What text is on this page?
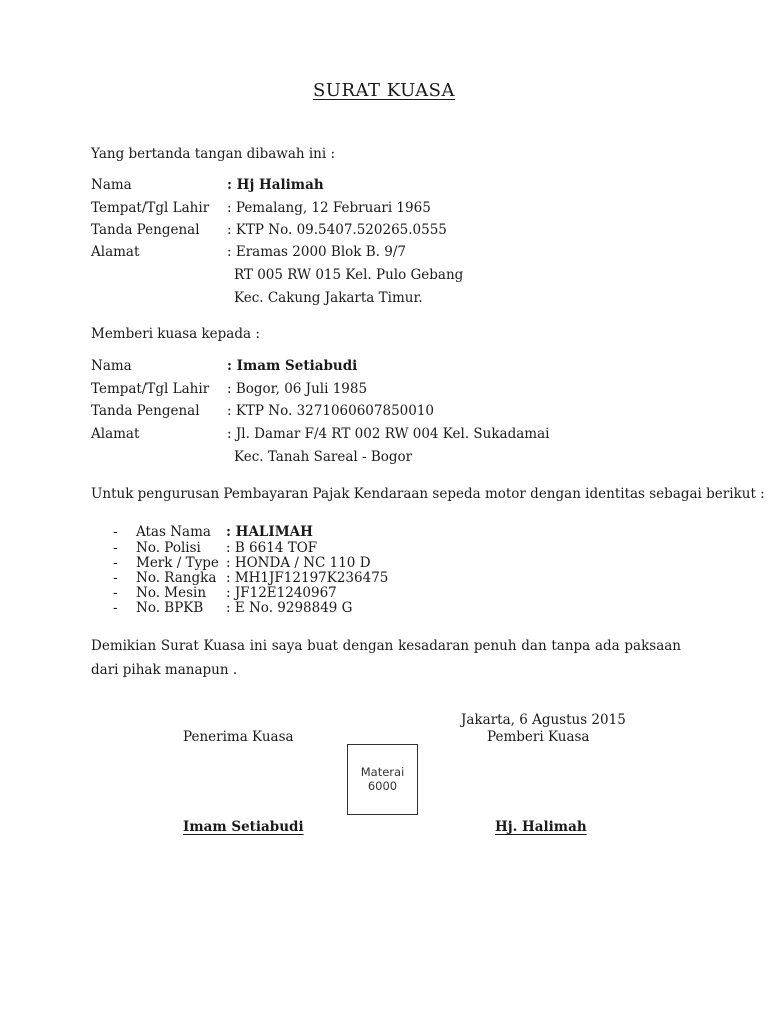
SURAT KUASA
Yang bertanda tangan dibawah ini :
Nama	: Hj Halimah
Tempat/Tgl Lahir : Pemalang, 12 Februari 1965
Tanda Pengenal : KTP No. 09.5407.520265.0555
Alamat	: Eramas 2000 Blok B. 9/7
RT 005 RW 015 Kel. Pulo Gebang
Kec. Cakung Jakarta Timur.
Memberi kuasa kepada :
Nama	: Imam Setiabudi
Tempat/Tgl Lahir : Bogor, 06 Juli 1985
Tanda Pengenal : KTP No. 3271060607850010
Alamat	: Jl. Damar F/4 RT 002 RW 004 Kel. Sukadamai
Kec. Tanah Sareal - Bogor
Untuk pengurusan Pembayaran Pajak Kendaraan sepeda motor dengan identitas sebagai berikut :
- Atas Nama : HALIMAH
- No. Polisi : B 6614 TOF
- Merk / Type : HONDA / NC 110 D
- No. Rangka : MH1JF12197K236475
- No. Mesin : JF12E1240967
- No. BPKB : E No. 9298849 G
Demikian Surat Kuasa ini saya buat dengan kesadaran penuh dan tanpa ada paksaan dari pihak manapun .
Jakarta, 6 Agustus 2015
Penerima Kuasa	Pemberi Kuasa
Materai
6000
Imam Setiabudi	Hj. Halimah
